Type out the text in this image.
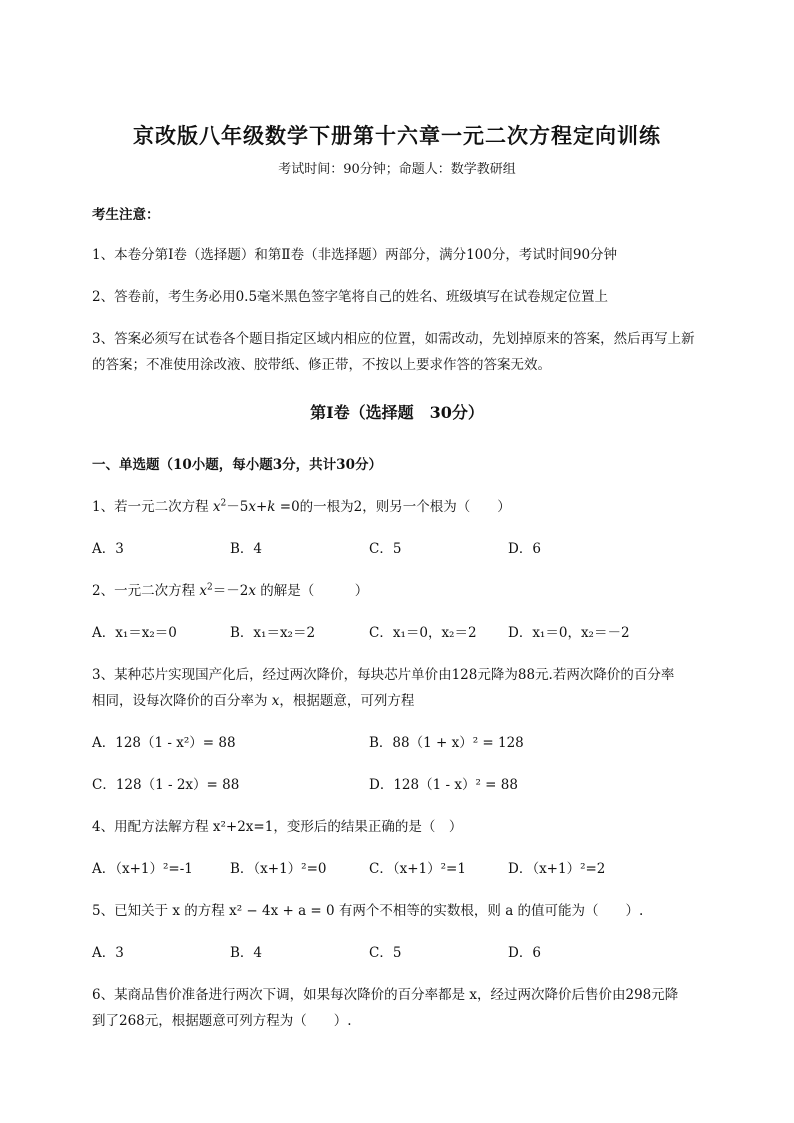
京改版八年级数学下册第十六章一元二次方程定向训练
考试时间：90分钟；命题人：数学教研组
考生注意：
1、本卷分第I卷（选择题）和第Ⅱ卷（非选择题）两部分，满分100分，考试时间90分钟
2、答卷前，考生务必用0.5毫米黑色签字笔将自己的姓名、班级填写在试卷规定位置上
3、答案必须写在试卷各个题目指定区域内相应的位置，如需改动，先划掉原来的答案，然后再写上新
的答案；不准使用涂改液、胶带纸、修正带，不按以上要求作答的答案无效。
第I卷（选择题　30分）
一、单选题（10小题，每小题3分，共计30分）
1、若一元二次方程 $x^2-5x+k =0$的一根为2，则另一个根为（　　）
A．3	B．4	C．5	D．6
2、一元二次方程 $x^2=-2x$ 的解是（　　　）
A．x₁＝x₂＝0	B．x₁＝x₂＝2	C．x₁＝0，x₂＝2 D．x₁＝0，x₂＝－2
3、某种芯片实现国产化后，经过两次降价，每块芯片单价由128元降为88元.若两次降价的百分率
相同，设每次降价的百分率为 x，根据题意，可列方程
A．128（1 - x²）= 88	B．88（1 + x）² = 128
C．128（1 - 2x）= 88	D．128（1 - x）² = 88
4、用配方法解方程 x²+2x=1，变形后的结果正确的是（　）
A．（x+1）²=-1	B．（x+1）²=0	C．（x+1）²=1	D．（x+1）²=2
5、已知关于 x 的方程 x² − 4x + a = 0 有两个不相等的实数根，则 a 的值可能为（　　）.
A．3	B．4	C．5	D．6
6、某商品售价准备进行两次下调，如果每次降价的百分率都是 x，经过两次降价后售价由298元降
到了268元，根据题意可列方程为（　　）.
